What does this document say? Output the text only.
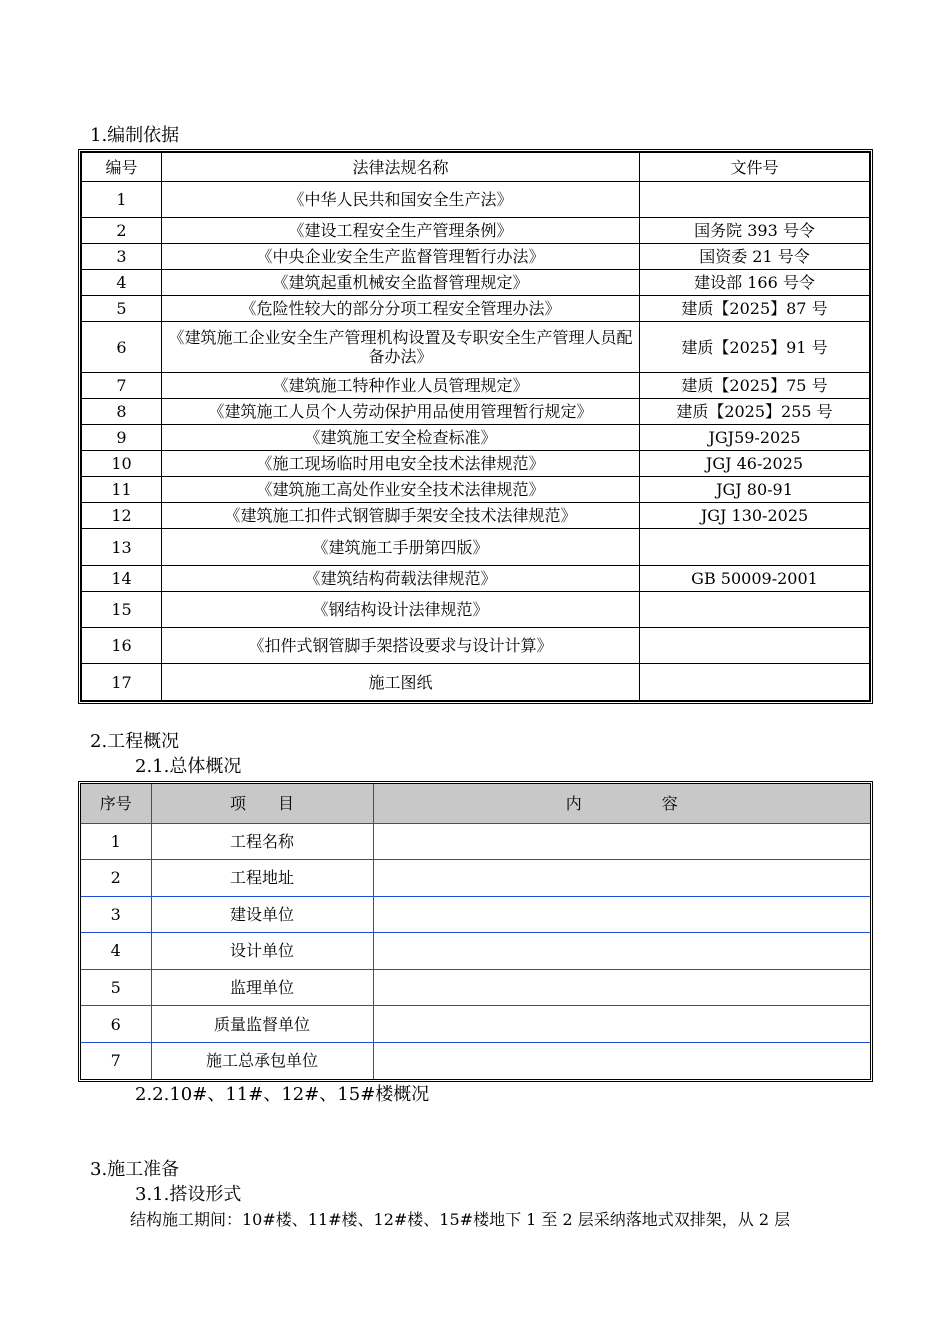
1.编制依据
编号	法律法规名称	文件号
1	《中华人民共和国安全生产法》	
2	《建设工程安全生产管理条例》	国务院 393 号令
3	《中央企业安全生产监督管理暂行办法》	国资委 21 号令
4	《建筑起重机械安全监督管理规定》	建设部 166 号令
5	《危险性较大的部分分项工程安全管理办法》	建质【2025】87 号
6	《建筑施工企业安全生产管理机构设置及专职安全生产管理人员配备办法》	建质【2025】91 号
7	《建筑施工特种作业人员管理规定》	建质【2025】75 号
8	《建筑施工人员个人劳动保护用品使用管理暂行规定》	建质【2025】255 号
9	《建筑施工安全检查标准》	JGJ59-2025
10	《施工现场临时用电安全技术法律规范》	JGJ 46-2025
11	《建筑施工高处作业安全技术法律规范》	JGJ 80-91
12	《建筑施工扣件式钢管脚手架安全技术法律规范》	JGJ 130-2025
13	《建筑施工手册第四版》	
14	《建筑结构荷载法律规范》	GB 50009-2001
15	《钢结构设计法律规范》	
16	《扣件式钢管脚手架搭设要求与设计计算》	
17	施工图纸	
2.工程概况
2.1.总体概况
序号	项　　目	内　　　　　容
1	工程名称	
2	工程地址	
3	建设单位	
4	设计单位	
5	监理单位	
6	质量监督单位	
7	施工总承包单位	
2.2.10#、11#、12#、15#楼概况
3.施工准备
3.1.搭设形式
结构施工期间：10#楼、11#楼、12#楼、15#楼地下 1 至 2 层采纳落地式双排架，从 2 层
